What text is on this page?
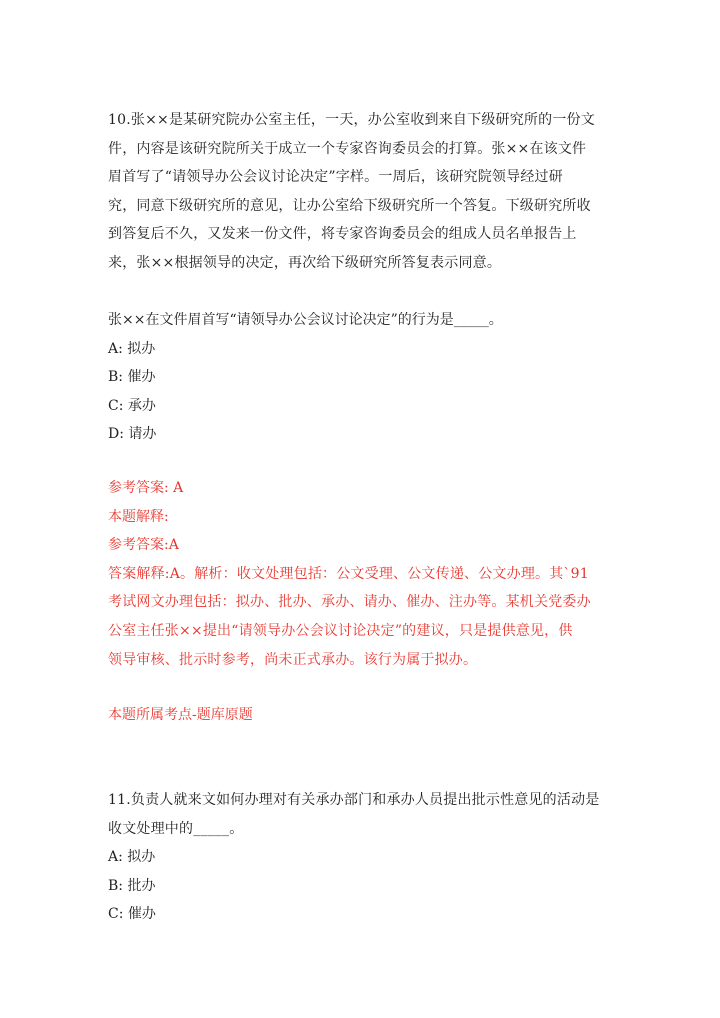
10.张××是某研究院办公室主任，一天，办公室收到来自下级研究所的一份文
件，内容是该研究院所关于成立一个专家咨询委员会的打算。张××在该文件
眉首写了“请领导办公会议讨论决定”字样。一周后，该研究院领导经过研
究，同意下级研究所的意见，让办公室给下级研究所一个答复。下级研究所收
到答复后不久，又发来一份文件，将专家咨询委员会的组成人员名单报告上
来，张××根据领导的决定，再次给下级研究所答复表示同意。
张××在文件眉首写“请领导办公会议讨论决定”的行为是_____。
A: 拟办
B: 催办
C: 承办
D: 请办
参考答案: A
本题解释:
参考答案:A
答案解释:A。解析：收文处理包括：公文受理、公文传递、公文办理。其`91
考试网文办理包括：拟办、批办、承办、请办、催办、注办等。某机关党委办
公室主任张××提出“请领导办公会议讨论决定”的建议，只是提供意见，供
领导审核、批示时参考，尚未正式承办。该行为属于拟办。
本题所属考点-题库原题
11.负责人就来文如何办理对有关承办部门和承办人员提出批示性意见的活动是
收文处理中的_____。
A: 拟办
B: 批办
C: 催办
